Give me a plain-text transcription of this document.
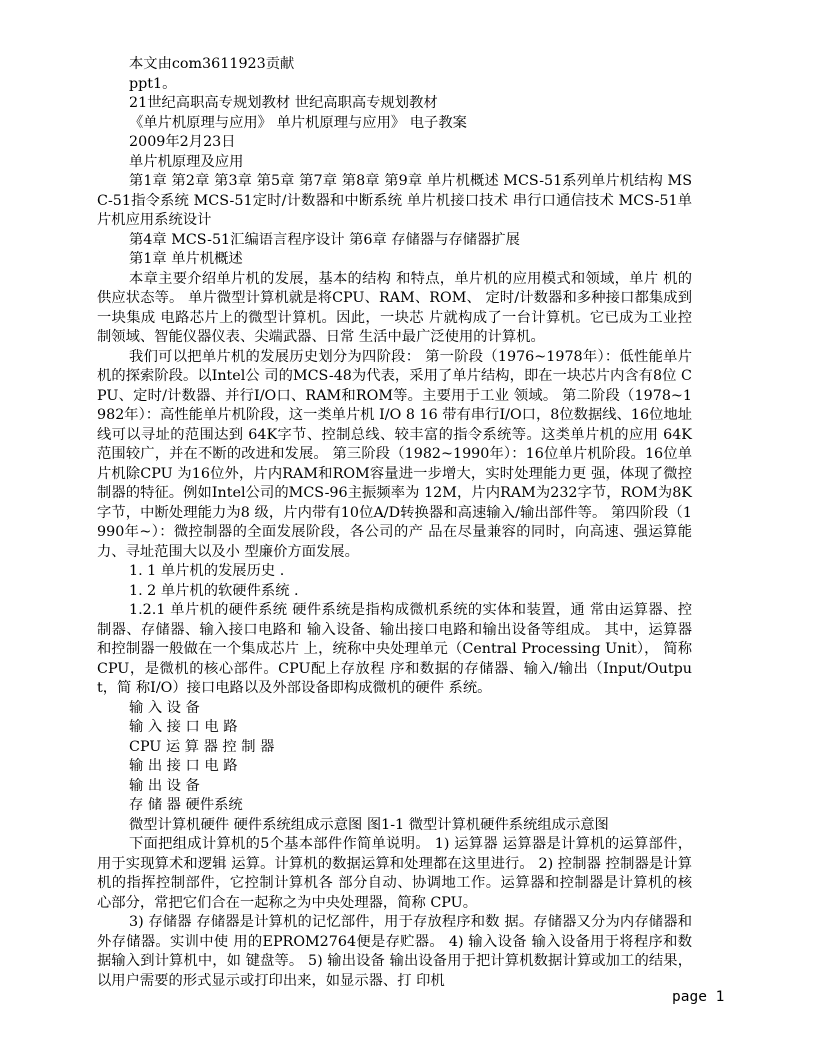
本文由com3611923贡献
ppt1。
21世纪高职高专规划教材 世纪高职高专规划教材
《单片机原理与应用》 单片机原理与应用》 电子教案
2009年2月23日
单片机原理及应用
第1章 第2章 第3章 第5章 第7章 第8章 第9章 单片机概述 MCS-51系列单片机结构 MSC-51指令系统 MCS-51定时/计数器和中断系统 单片机接口技术 串行口通信技术 MCS-51单片机应用系统设计
第4章 MCS-51汇编语言程序设计 第6章 存储器与存储器扩展
第1章 单片机概述
本章主要介绍单片机的发展，基本的结构 和特点，单片机的应用模式和领域，单片 机的供应状态等。 单片微型计算机就是将CPU、RAM、ROM、 定时/计数器和多种接口都集成到一块集成 电路芯片上的微型计算机。因此，一块芯 片就构成了一台计算机。它已成为工业控 制领域、智能仪器仪表、尖端武器、日常 生活中最广泛使用的计算机。
我们可以把单片机的发展历史划分为四阶段： 第一阶段（1976~1978年）：低性能单片机的探索阶段。以Intel公 司的MCS-48为代表，采用了单片结构，即在一块芯片内含有8位 CPU、定时/计数器、并行I/O口、RAM和ROM等。主要用于工业 领域。 第二阶段（1978~1982年）：高性能单片机阶段，这一类单片机 I/O 8 16 带有串行I/O口，8位数据线、16位地址线可以寻址的范围达到 64K字节、控制总线、较丰富的指令系统等。这类单片机的应用 64K 范围较广，并在不断的改进和发展。 第三阶段（1982~1990年）：16位单片机阶段。16位单片机除CPU 为16位外，片内RAM和ROM容量进一步增大，实时处理能力更 强，体现了微控制器的特征。例如Intel公司的MCS-96主振频率为 12M，片内RAM为232字节，ROM为8K字节，中断处理能力为8 级，片内带有10位A/D转换器和高速输入/输出部件等。 第四阶段（1990年~）：微控制器的全面发展阶段，各公司的产 品在尽量兼容的同时，向高速、强运算能力、寻址范围大以及小 型廉价方面发展。
1. 1 单片机的发展历史 .
1. 2 单片机的软硬件系统 .
1.2.1 单片机的硬件系统 硬件系统是指构成微机系统的实体和装置，通 常由运算器、控制器、存储器、输入接口电路和 输入设备、输出接口电路和输出设备等组成。 其中，运算器和控制器一般做在一个集成芯片 上，统称中央处理单元（Central Processing Unit）， 简称CPU，是微机的核心部件。CPU配上存放程 序和数据的存储器、输入/输出（Input/Output，简 称I/O）接口电路以及外部设备即构成微机的硬件 系统。
输 入 设 备
输 入 接 口 电 路
CPU 运 算 器 控 制 器
输 出 接 口 电 路
输 出 设 备
存 储 器 硬件系统
微型计算机硬件 硬件系统组成示意图 图1-1 微型计算机硬件系统组成示意图
下面把组成计算机的5个基本部件作简单说明。 1) 运算器 运算器是计算机的运算部件，用于实现算术和逻辑 运算。计算机的数据运算和处理都在这里进行。 2) 控制器 控制器是计算机的指挥控制部件，它控制计算机各 部分自动、协调地工作。运算器和控制器是计算机的核 心部分，常把它们合在一起称之为中央处理器，简称 CPU。
3) 存储器 存储器是计算机的记忆部件，用于存放程序和数 据。存储器又分为内存储器和外存储器。实训中使 用的EPROM2764便是存贮器。 4) 输入设备 输入设备用于将程序和数据输入到计算机中，如 键盘等。 5) 输出设备 输出设备用于把计算机数据计算或加工的结果， 以用户需要的形式显示或打印出来，如显示器、打 印机
page 1
